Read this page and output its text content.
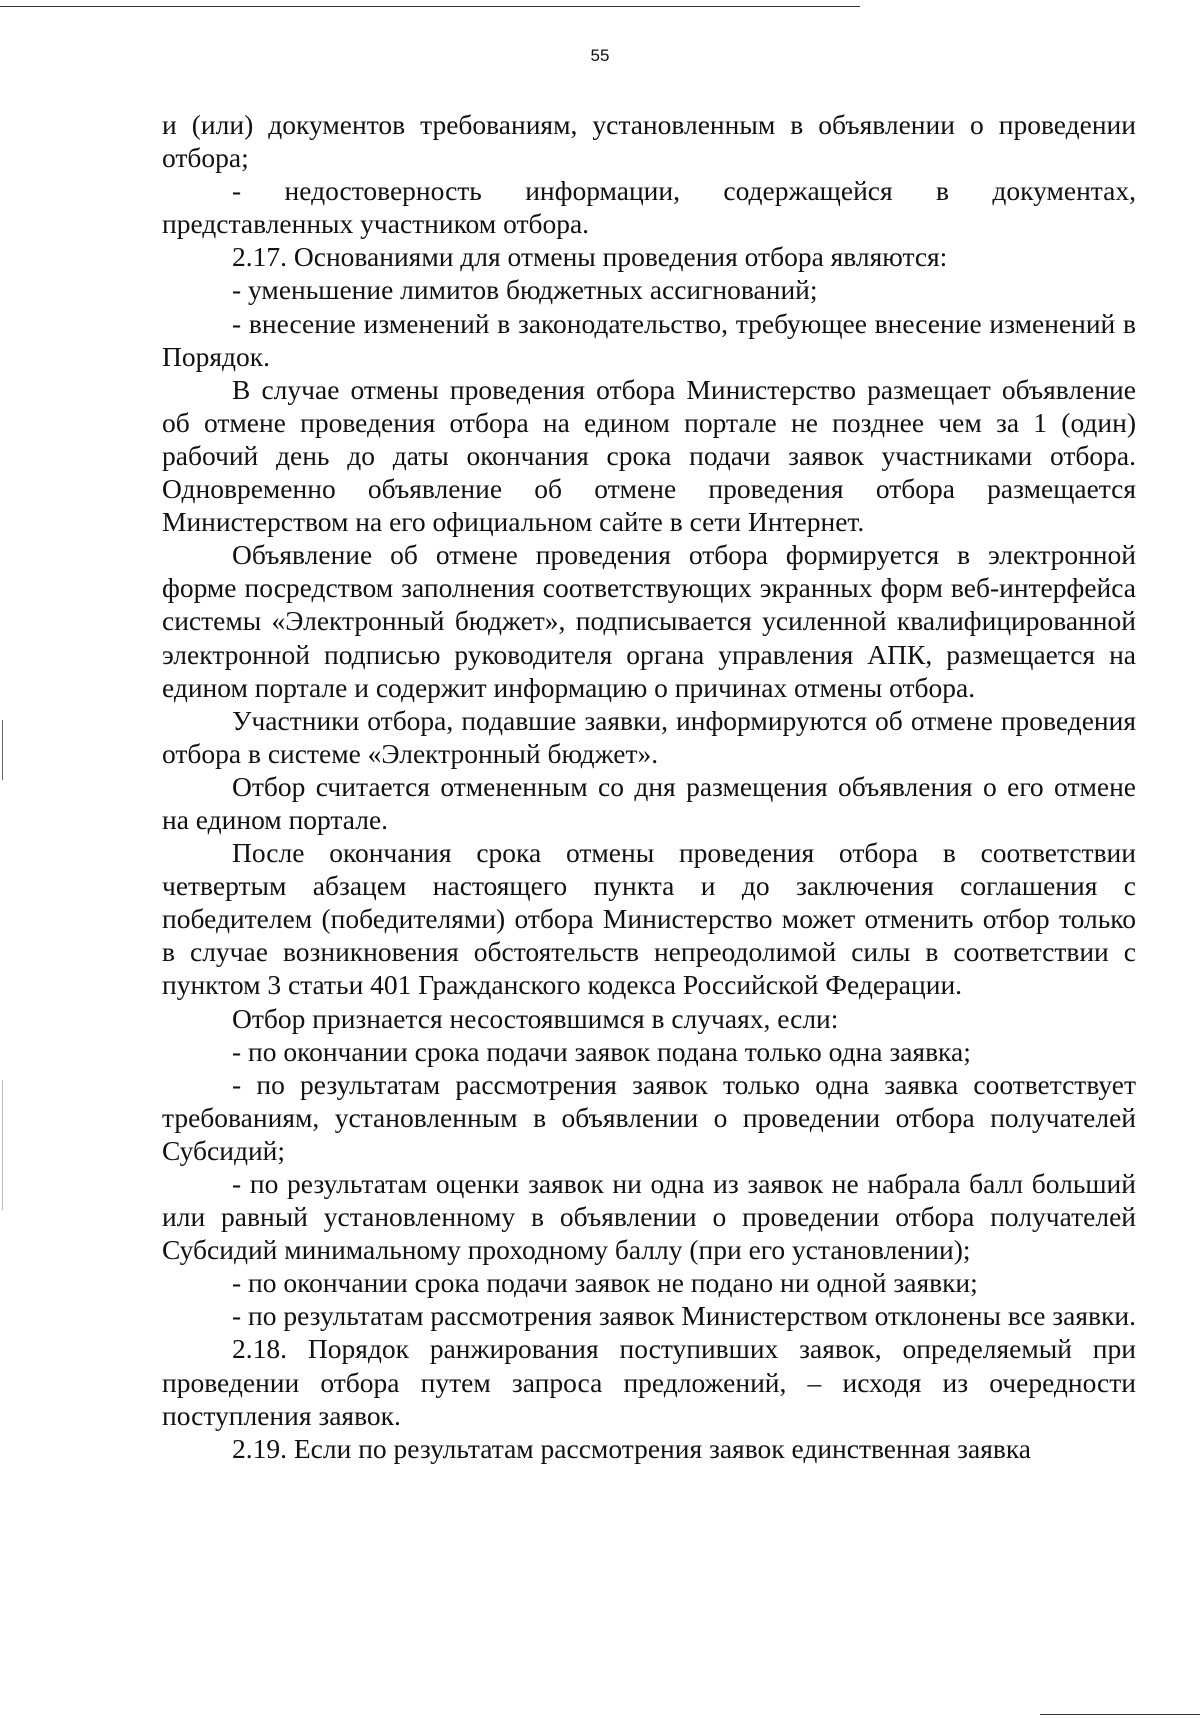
55

и (или) документов требованиям, установленным в объявлении о проведении отбора;

- недостоверность информации, содержащейся в документах, представленных участником отбора.

2.17. Основаниями для отмены проведения отбора являются:

- уменьшение лимитов бюджетных ассигнований;

- внесение изменений в законодательство, требующее внесение изменений в Порядок.

В случае отмены проведения отбора Министерство размещает объявление об отмене проведения отбора на едином портале не позднее чем за 1 (один) рабочий день до даты окончания срока подачи заявок участниками отбора. Одновременно объявление об отмене проведения отбора размещается Министерством на его официальном сайте в сети Интернет.

Объявление об отмене проведения отбора формируется в электронной форме посредством заполнения соответствующих экранных форм веб-интерфейса системы «Электронный бюджет», подписывается усиленной квалифицированной электронной подписью руководителя органа управления АПК, размещается на едином портале и содержит информацию о причинах отмены отбора.

Участники отбора, подавшие заявки, информируются об отмене проведения отбора в системе «Электронный бюджет».

Отбор считается отмененным со дня размещения объявления о его отмене на едином портале.

После окончания срока отмены проведения отбора в соответствии четвертым абзацем настоящего пункта и до заключения соглашения с победителем (победителями) отбора Министерство может отменить отбор только в случае возникновения обстоятельств непреодолимой силы в соответствии с пунктом 3 статьи 401 Гражданского кодекса Российской Федерации.

Отбор признается несостоявшимся в случаях, если:

- по окончании срока подачи заявок подана только одна заявка;

- по результатам рассмотрения заявок только одна заявка соответствует требованиям, установленным в объявлении о проведении отбора получателей Субсидий;

- по результатам оценки заявок ни одна из заявок не набрала балл больший или равный установленному в объявлении о проведении отбора получателей Субсидий минимальному проходному баллу (при его установлении);

- по окончании срока подачи заявок не подано ни одной заявки;

- по результатам рассмотрения заявок Министерством отклонены все заявки.

2.18. Порядок ранжирования поступивших заявок, определяемый при проведении отбора путем запроса предложений, – исходя из очередности поступления заявок.

2.19. Если по результатам рассмотрения заявок единственная заявка
